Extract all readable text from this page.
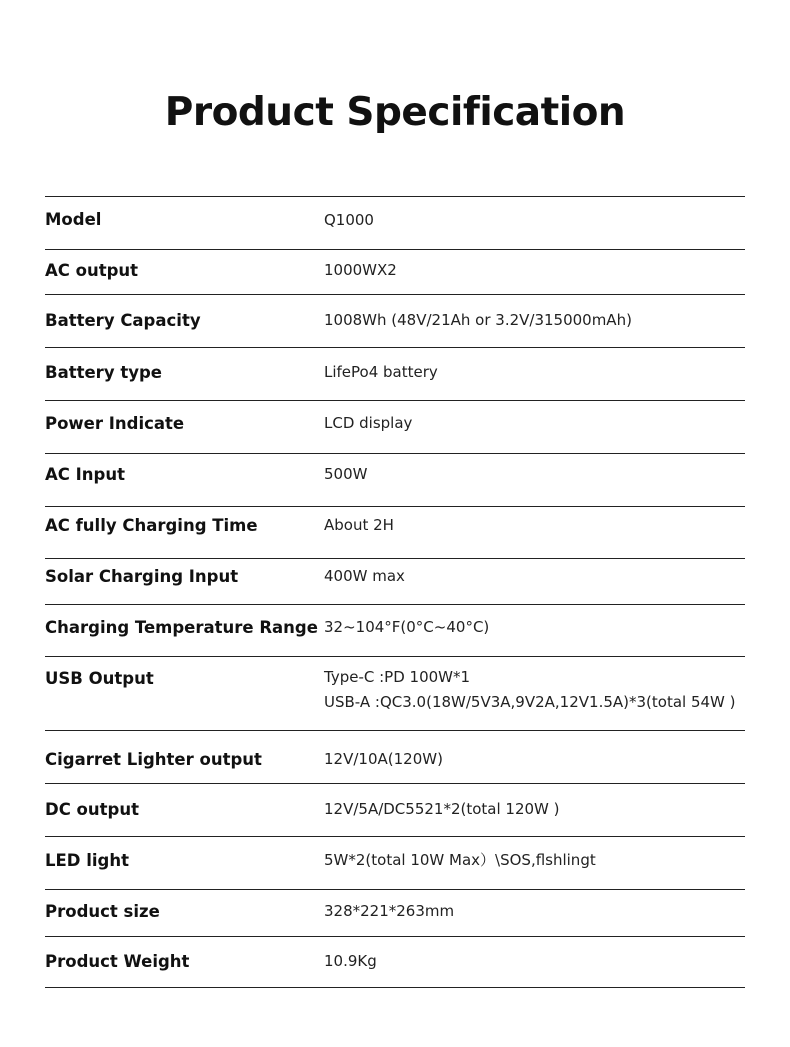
Product Specification
Model	Q1000
AC output	1000WX2
Battery Capacity	1008Wh (48V/21Ah or 3.2V/315000mAh)
Battery type	LifePo4 battery
Power Indicate	LCD display
AC Input	500W
AC fully Charging Time	About 2H
Solar Charging Input	400W max
Charging Temperature Range 32~104°F(0°C~40°C)
USB Output	Type-C :PD 100W*1
USB-A :QC3.0(18W/5V3A,9V2A,12V1.5A)*3(total 54W )
Cigarret Lighter output	12V/10A(120W)
DC output	12V/5A/DC5521*2(total 120W )
LED light	5W*2(total 10W Max）\SOS,flshlingt
Product size	328*221*263mm
Product Weight	10.9Kg
